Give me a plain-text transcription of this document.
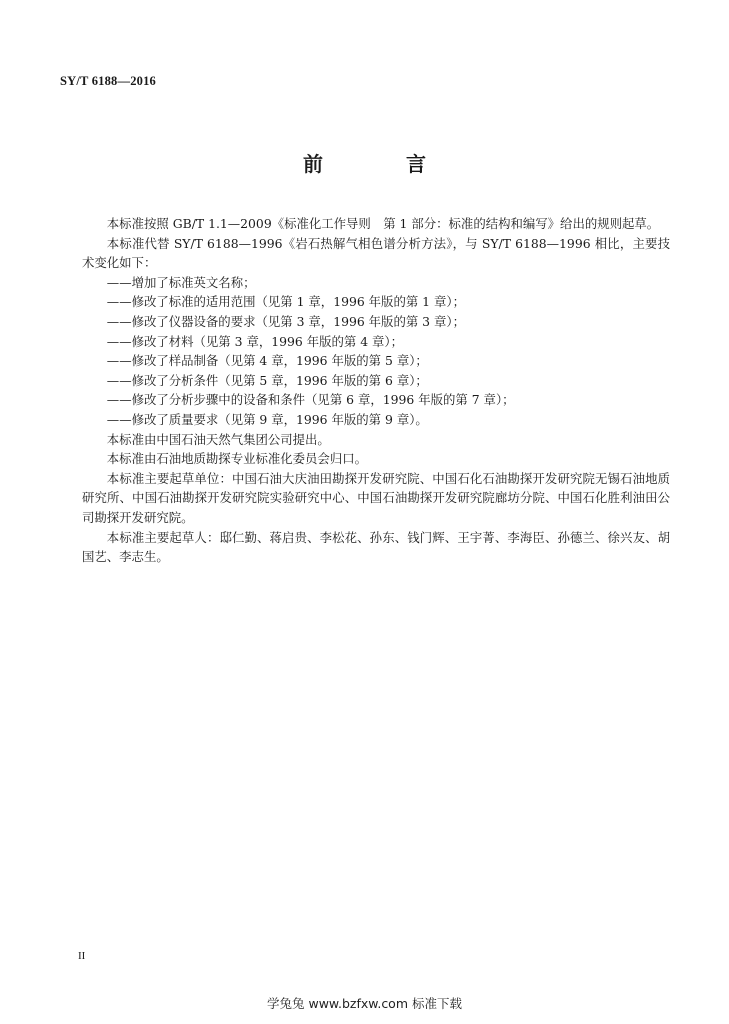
SY/T 6188—2016
前 言

本标准按照 GB/T 1.1—2009《标准化工作导则　第 1 部分：标准的结构和编写》给出的规则起草。

本标准代替 SY/T 6188—1996《岩石热解气相色谱分析方法》，与 SY/T 6188—1996 相比，主要技术变化如下：

——增加了标准英文名称；

——修改了标准的适用范围（见第 1 章，1996 年版的第 1 章）；

——修改了仪器设备的要求（见第 3 章，1996 年版的第 3 章）；

——修改了材料（见第 3 章，1996 年版的第 4 章）；

——修改了样品制备（见第 4 章，1996 年版的第 5 章）；

——修改了分析条件（见第 5 章，1996 年版的第 6 章）；

——修改了分析步骤中的设备和条件（见第 6 章，1996 年版的第 7 章）；

——修改了质量要求（见第 9 章，1996 年版的第 9 章）。

本标准由中国石油天然气集团公司提出。

本标准由石油地质勘探专业标准化委员会归口。

本标准主要起草单位：中国石油大庆油田勘探开发研究院、中国石化石油勘探开发研究院无锡石油地质研究所、中国石油勘探开发研究院实验研究中心、中国石油勘探开发研究院廊坊分院、中国石化胜利油田公司勘探开发研究院。

本标准主要起草人：邸仁勤、蒋启贵、李松花、孙东、钱门辉、王宇菁、李海臣、孙德兰、徐兴友、胡国艺、李志生。

II
学兔兔 www.bzfxw.com 标准下载
